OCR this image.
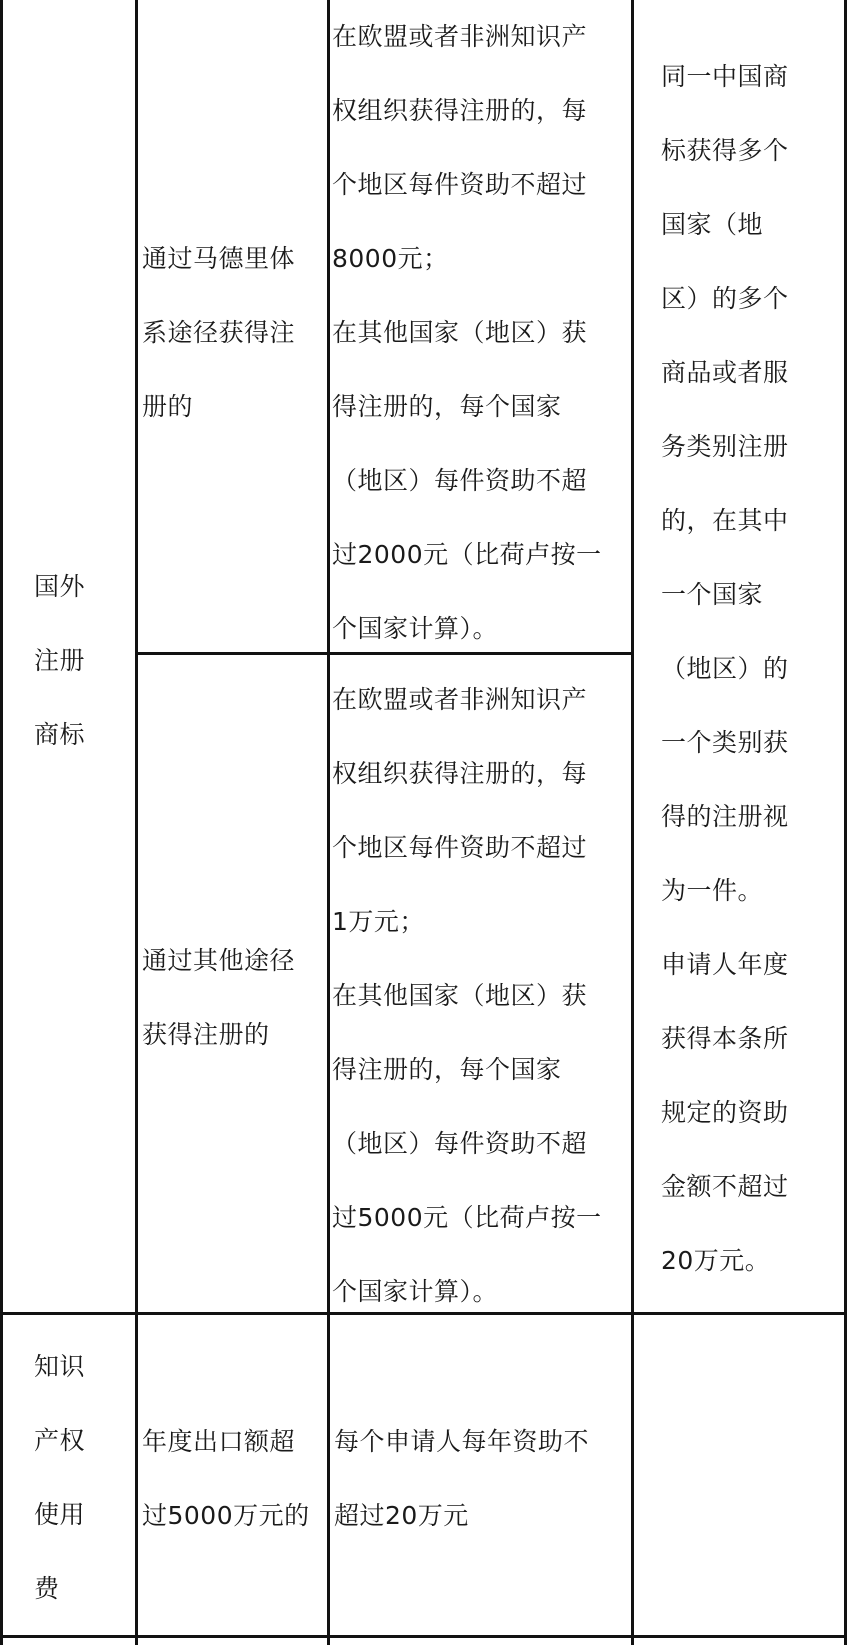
国外
注册
商标
通过马德里体
系途径获得注
册的
在欧盟或者非洲知识产
权组织获得注册的，每
个地区每件资助不超过
8000元；
在其他国家（地区）获
得注册的，每个国家
（地区）每件资助不超
过2000元（比荷卢按一
个国家计算）。
通过其他途径
获得注册的
在欧盟或者非洲知识产
权组织获得注册的，每
个地区每件资助不超过
1万元；
在其他国家（地区）获
得注册的，每个国家
（地区）每件资助不超
过5000元（比荷卢按一
个国家计算）。
同一中国商
标获得多个
国家（地
区）的多个
商品或者服
务类别注册
的，在其中
一个国家
（地区）的
一个类别获
得的注册视
为一件。
申请人年度
获得本条所
规定的资助
金额不超过
20万元。
知识
产权
使用
费
年度出口额超
过5000万元的
每个申请人每年资助不
超过20万元
